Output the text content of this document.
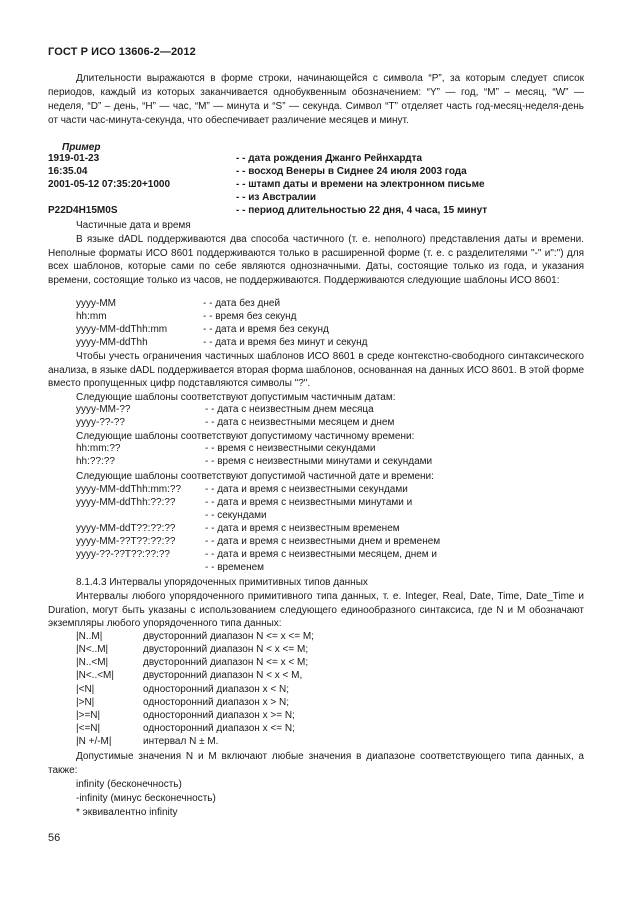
ГОСТ Р ИСО 13606-2—2012
Длительности выражаются в форме строки, начинающейся с символа “P”, за которым следует список периодов, каждый из которых заканчивается однобуквенным обозначением: “Y” — год, “M” – месяц, “W” — неделя, “D” – день, “H” — час, “M” — минута и “S” — секунда. Символ “T” отделяет часть год-месяц-неделя-день от части час-минута-секунда, что обеспечивает различение месяцев и минут.
Пример
1919-01-23	- - дата рождения Джанго Рейнхардта
16:35.04	- - восход Венеры в Сиднее 24 июля 2003 года
2001-05-12 07:35:20+1000	- - штамп даты и времени на электронном письме
- - из Австралии
P22D4H15M0S	- - период длительностью 22 дня, 4 часа, 15 минут
Частичные дата и время
В языке dADL поддерживаются два способа частичного (т. е. неполного) представления даты и времени. Неполные форматы ИСО 8601 поддерживаются только в расширенной форме (т. е. с разделителями "-" и":") для всех шаблонов, которые сами по себе являются однозначными. Даты, состоящие только из года, и указания времени, состоящие только из часов, не поддерживаются. Поддерживаются следующие шаблоны ИСО 8601:
yyyy-MM	- - дата без дней
hh:mm	- - время без секунд
yyyy-MM-ddThh:mm	- - дата и время без секунд
yyyy-MM-ddThh	- - дата и время без минут и секунд
Чтобы учесть ограничения частичных шаблонов ИСО 8601 в среде контекстно-свободного синтаксического анализа, в языке dADL поддерживается вторая форма шаблонов, основанная на данных ИСО 8601. В этой форме вместо пропущенных цифр подставляются символы "?".
Следующие шаблоны соответствуют допустимым частичным датам:
yyyy-MM-??	- - дата с неизвестным днем месяца
yyyy-??-??	- - дата с неизвестными месяцем и днем
Следующие шаблоны соответствуют допустимому частичному времени:
hh:mm:??	- - время с неизвестными секундами
hh:??:??	- - время с неизвестными минутами и секундами
Следующие шаблоны соответствуют допустимой частичной дате и времени:
yyyy-MM-ddThh:mm:?? - - дата и время с неизвестными секундами
yyyy-MM-ddThh:??:??	- - дата и время с неизвестными минутами и
- - секундами
yyyy-MM-ddT??:??:??	- - дата и время с неизвестным временем
yyyy-MM-??T??:??:??	- - дата и время с неизвестными днем и временем
yyyy-??-??T??:??:??	- - дата и время с неизвестными месяцем, днем и
- - временем
8.1.4.3 Интервалы упорядоченных примитивных типов данных
Интервалы любого упорядоченного примитивного типа данных, т. е. Integer, Real, Date, Time, Date_Time и Duration, могут быть указаны с использованием следующего единообразного синтаксиса, где N и M обозначают экземпляры любого упорядоченного типа данных:
|N..M|	двусторонний диапазон N <= x <= M;
|N<..M|	двусторонний диапазон N < x <= M;
|N..<M|	двусторонний диапазон N <= x < M;
|N<..<M|	двусторонний диапазон N < x < M,
|<N|	односторонний диапазон x < N;
|>N|	односторонний диапазон x > N;
|>=N|	односторонний диапазон x >= N;
|<=N|	односторонний диапазон x <= N;
|N +/-M|	интервал N ± M.
Допустимые значения N и M включают любые значения в диапазоне соответствующего типа данных, а также:
infinity (бесконечность)
-infinity (минус бесконечность)
* эквивалентно infinity
56
